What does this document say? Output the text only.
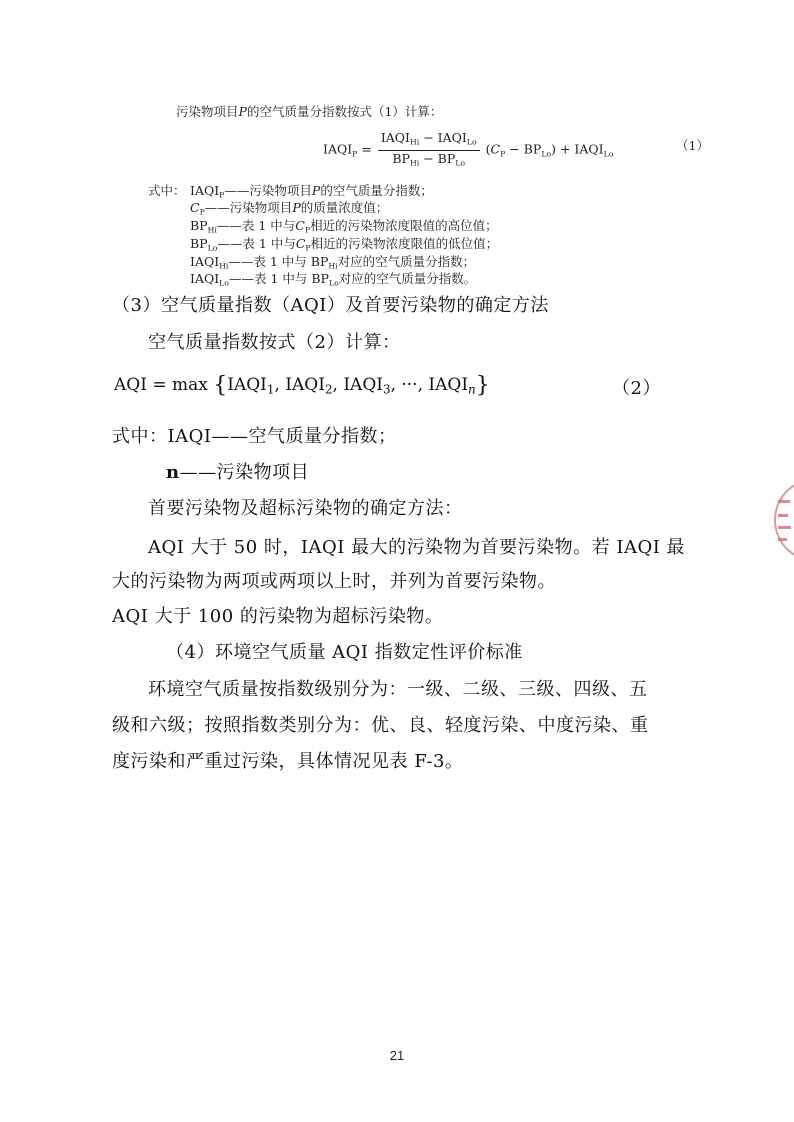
污染物项目P的空气质量分指数按式（1）计算：
$IAQI_P = \frac{IAQI_{Hi} - IAQI_{Lo}}{BP_{Hi} - BP_{Lo}} (C_P - BP_{Lo})$ + $IAQI_{Lo}$
（1）
式中： $IAQI_P——$污染物项目P的空气质量分指数；
$C_P——$污染物项目P的质量浓度值；
$BP_{Hi}——$表 1 中与$C_P$相近的污染物浓度限值的高位值；
$BP_{Lo}——$表 1 中与$C_P$相近的污染物浓度限值的低位值；
$IAQI_{Hi}——$表 1 中与 $BP_{Hi}$对应的空气质量分指数；
$IAQI_{Lo}——$表 1 中与 $BP_{Lo}$对应的空气质量分指数。
（3）空气质量指数（AQI）及首要污染物的确定方法
空气质量指数按式（2）计算：
AQI = $\max \{IAQI_1$, $IAQI_2$, $IAQI_3$, ···, $IAQI_n$}	（2）
式中：IAQI——空气质量分指数；
n——污染物项目
首要污染物及超标污染物的确定方法：
AQI 大于 50 时，IAQI 最大的污染物为首要污染物。若 IAQI 最
大的污染物为两项或两项以上时，并列为首要污染物。
AQI 大于 100 的污染物为超标污染物。
（4）环境空气质量 AQI 指数定性评价标准
环境空气质量按指数级别分为：一级、二级、三级、四级、五
级和六级；按照指数类别分为：优、良、轻度污染、中度污染、重
度污染和严重过污染，具体情况见表 F-3。
21
